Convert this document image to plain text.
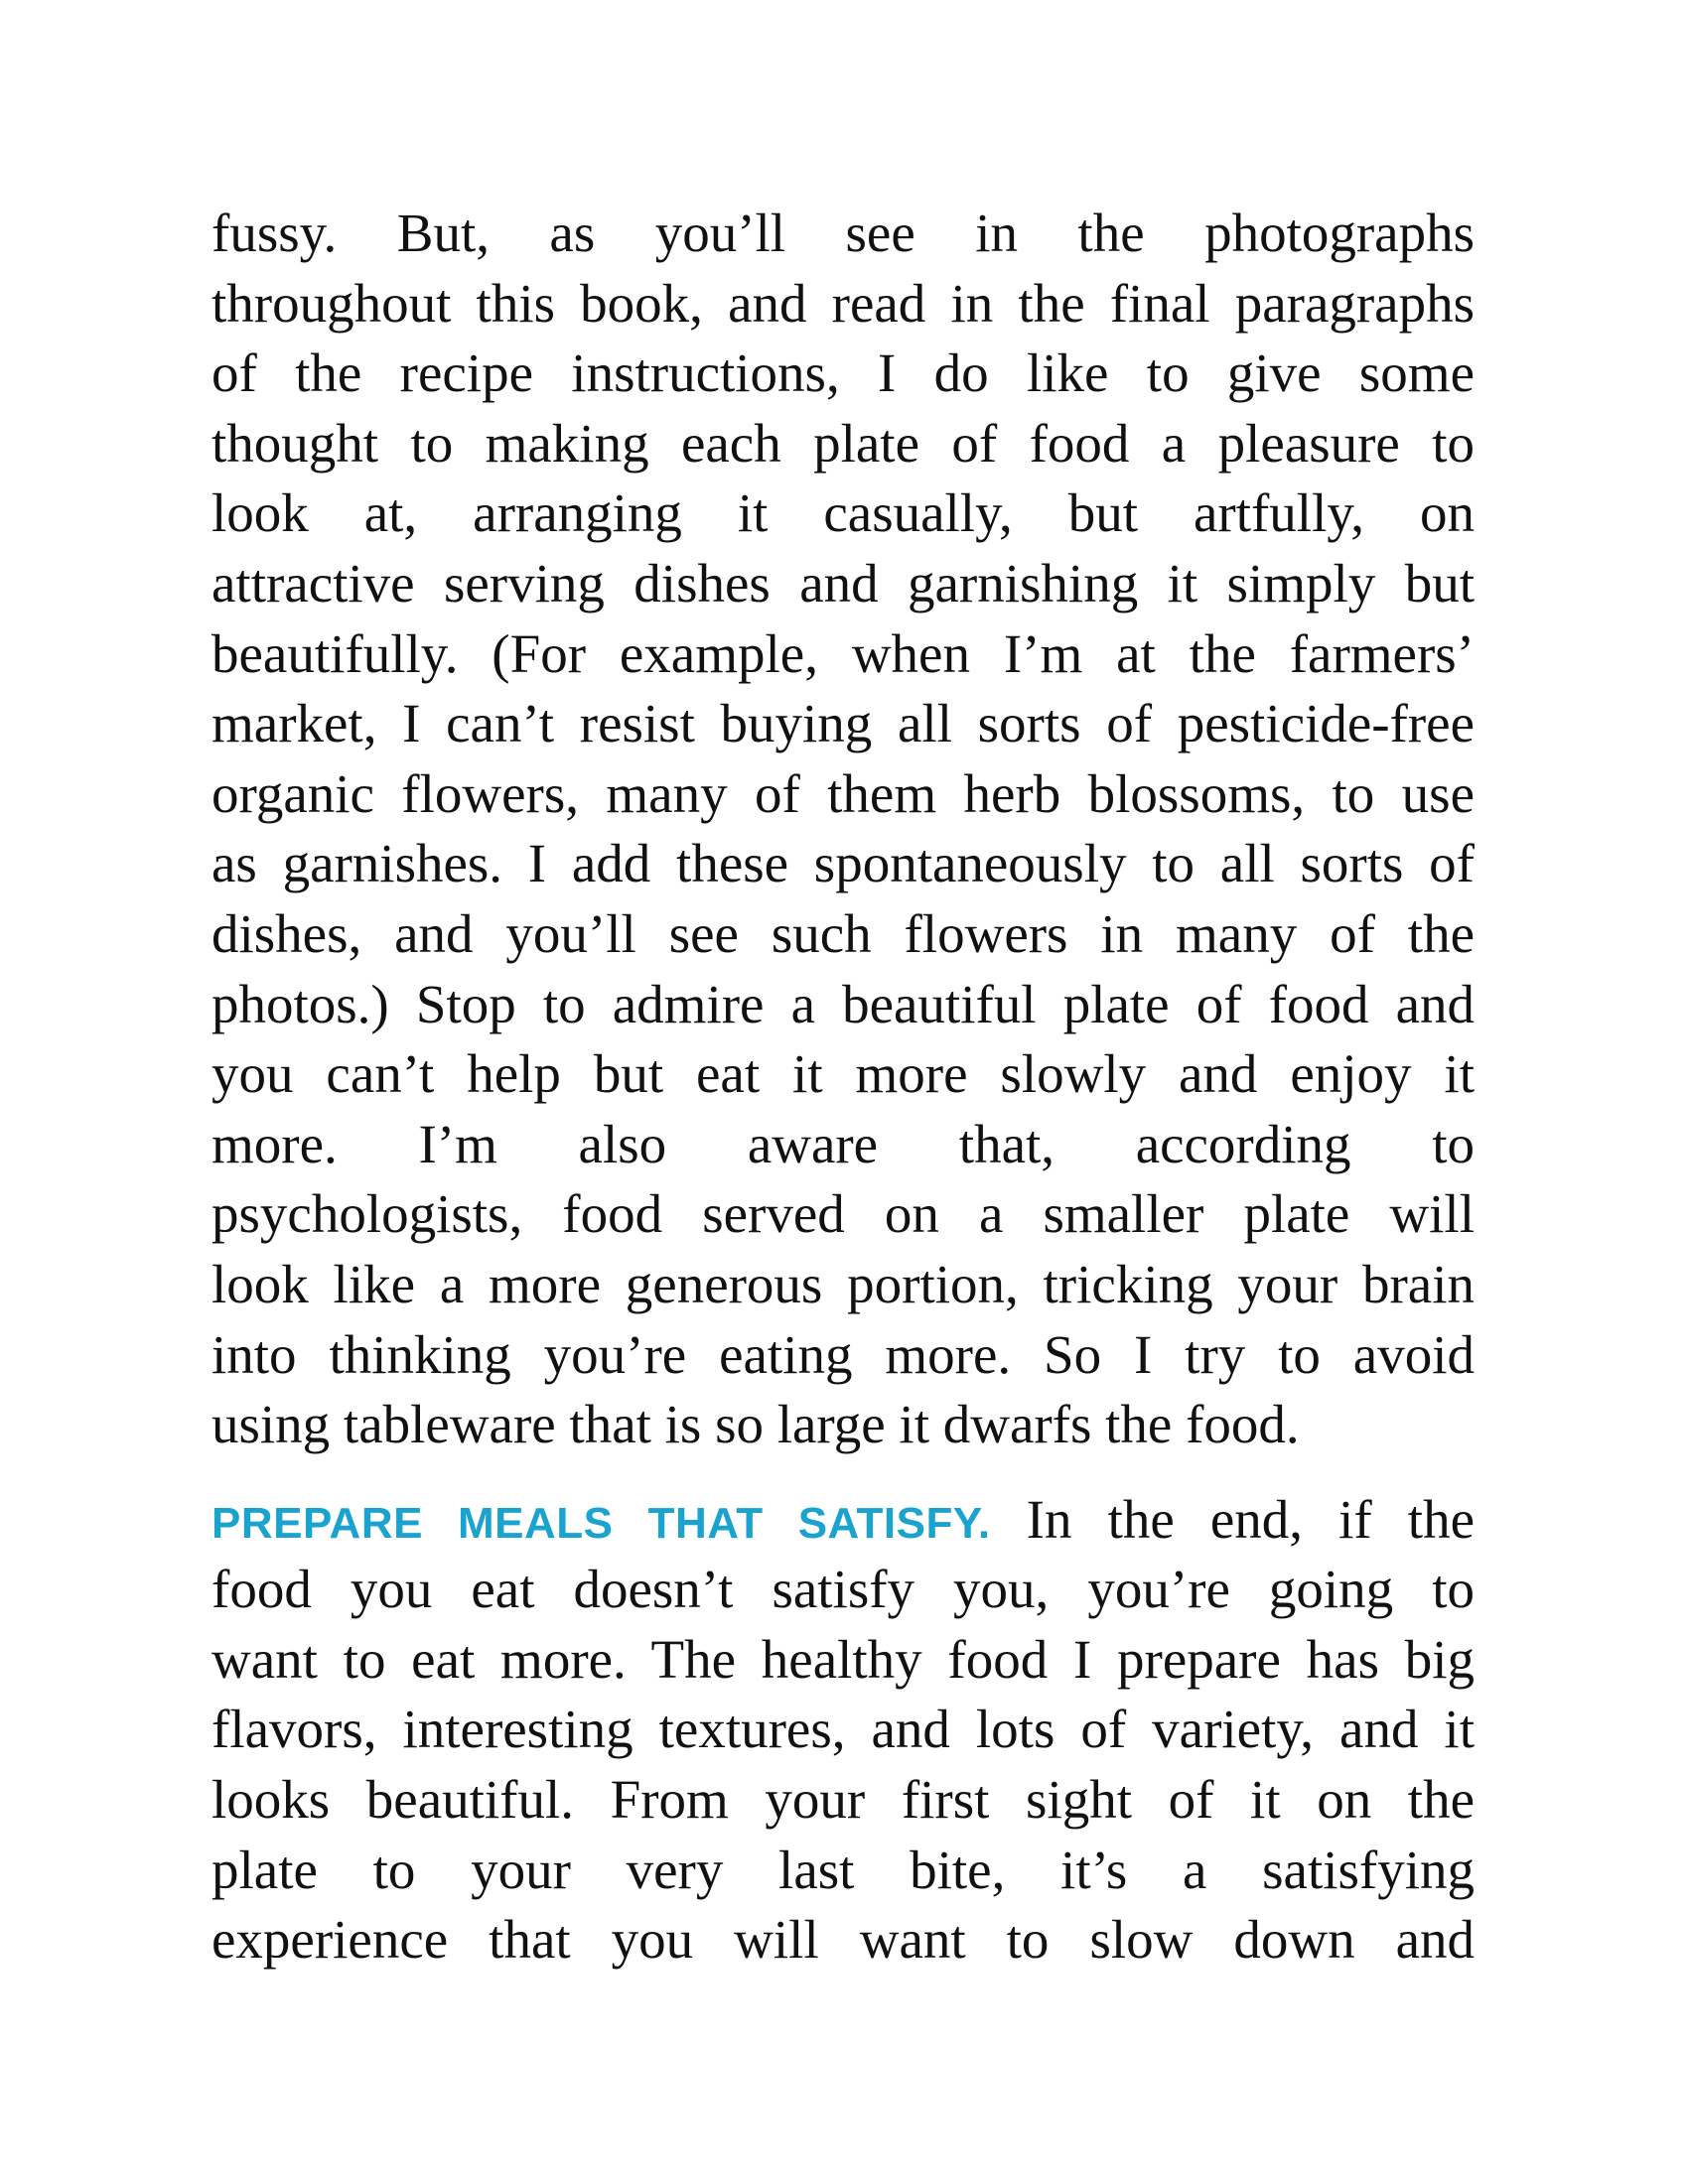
fussy. But, as you’ll see in the photographs
throughout this book, and read in the final paragraphs
of the recipe instructions, I do like to give some
thought to making each plate of food a pleasure to
look at, arranging it casually, but artfully, on
attractive serving dishes and garnishing it simply but
beautifully. (For example, when I’m at the farmers’
market, I can’t resist buying all sorts of pesticide-free
organic flowers, many of them herb blossoms, to use
as garnishes. I add these spontaneously to all sorts of
dishes, and you’ll see such flowers in many of the
photos.) Stop to admire a beautiful plate of food and
you can’t help but eat it more slowly and enjoy it
more. I’m also aware that, according to
psychologists, food served on a smaller plate will
look like a more generous portion, tricking your brain
into thinking you’re eating more. So I try to avoid
using tableware that is so large it dwarfs the food.
PREPARE MEALS THAT SATISFY. In the end, if the
food you eat doesn’t satisfy you, you’re going to
want to eat more. The healthy food I prepare has big
flavors, interesting textures, and lots of variety, and it
looks beautiful. From your first sight of it on the
plate to your very last bite, it’s a satisfying
experience that you will want to slow down and
